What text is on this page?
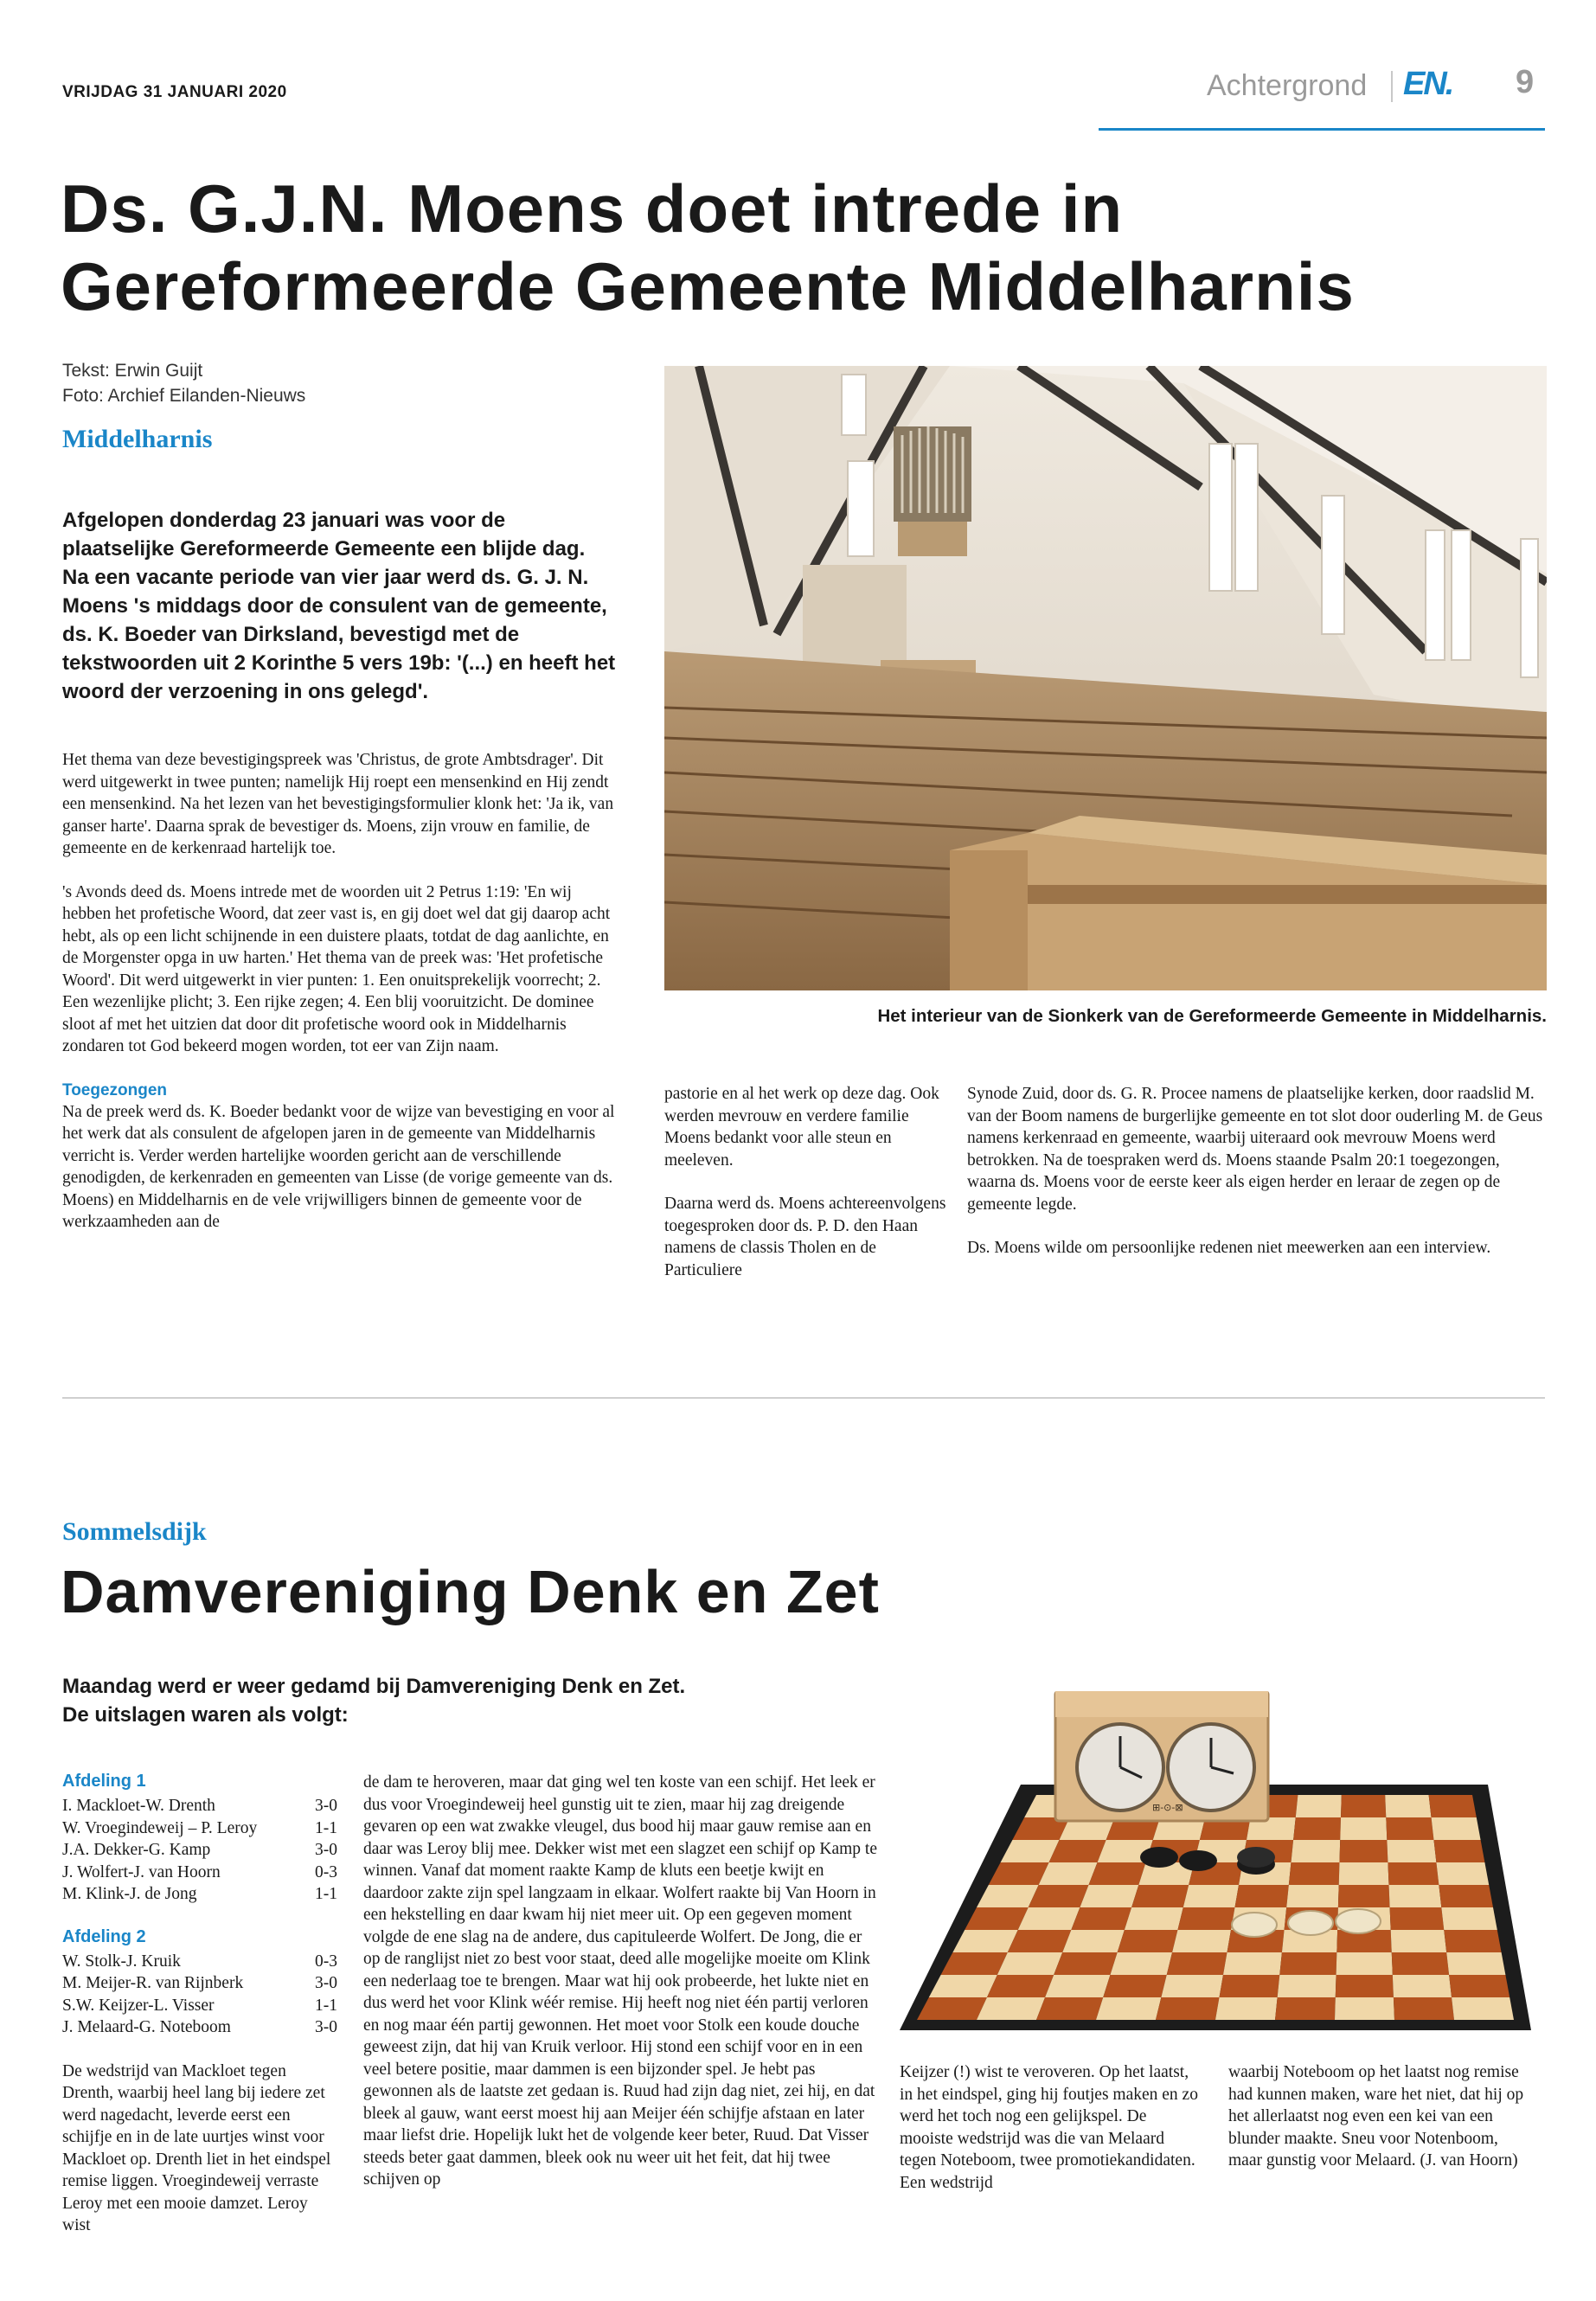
VRIJDAG 31 JANUARI 2020	Achtergrond EN. 9
Ds. G.J.N. Moens doet intrede in
Gereformeerde Gemeente Middelharnis
Tekst: Erwin Guijt
Foto: Archief Eilanden-Nieuws
Middelharnis
Afgelopen donderdag 23 januari was voor de plaatselijke Gereformeerde Gemeente een blijde dag. Na een vacante periode van vier jaar werd ds. G. J. N. Moens 's middags door de consulent van de gemeente, ds. K. Boeder van Dirksland, bevestigd met de tekstwoorden uit 2 Korinthe 5 vers 19b: '(...) en heeft het woord der verzoening in ons gelegd'.

Het thema van deze bevestigingspreek was 'Christus, de grote Ambtsdrager'. Dit werd uitgewerkt in twee punten; namelijk Hij roept een mensenkind en Hij zendt een mensenkind. Na het lezen van het bevestigingsformulier klonk het: 'Ja ik, van ganser harte'. Daarna sprak de bevestiger ds. Moens, zijn vrouw en familie, de gemeente en de kerkenraad hartelijk toe.

's Avonds deed ds. Moens intrede met de woorden uit 2 Petrus 1:19: 'En wij hebben het profetische Woord, dat zeer vast is, en gij doet wel dat gij daarop acht hebt, als op een licht schijnende in een duistere plaats, totdat de dag aanlichte, en de Morgenster opga in uw harten.' Het thema van de preek was: 'Het profetische Woord'. Dit werd uitgewerkt in vier punten: 1. Een onuitsprekelijk voorrecht; 2. Een wezenlijke plicht; 3. Een rijke zegen; 4. Een blij vooruitzicht. De dominee sloot af met het uitzien dat door dit profetische woord ook in Middelharnis zondaren tot God bekeerd mogen worden, tot eer van Zijn naam.

Toegezongen

Na de preek werd ds. K. Boeder bedankt voor de wijze van bevestiging en voor al het werk dat als consulent de afgelopen jaren in de gemeente van Middelharnis verricht is. Verder werden hartelijke woorden gericht aan de verschillende genodigden, de kerkenraden en gemeenten van Lisse (de vorige gemeente van ds. Moens) en Middelharnis en de vele vrijwilligers binnen de gemeente voor de werkzaamheden aan de

Het interieur van de Sionkerk van de Gereformeerde Gemeente in Middelharnis.

pastorie en al het werk op deze dag. Ook werden mevrouw en verdere familie Moens bedankt voor alle steun en meeleven.

Daarna werd ds. Moens achtereenvolgens toegesproken door ds. P. D. den Haan namens de classis Tholen en de Particuliere

Synode Zuid, door ds. G. R. Procee namens de plaatselijke kerken, door raadslid M. van der Boom namens de burgerlijke gemeente en tot slot door ouderling M. de Geus namens kerkenraad en gemeente, waarbij uiteraard ook mevrouw Moens werd betrokken. Na de toespraken werd ds. Moens staande Psalm 20:1 toegezongen, waarna ds. Moens voor de eerste keer als eigen herder en leraar de zegen op de gemeente legde.

Ds. Moens wilde om persoonlijke redenen niet meewerken aan een interview.

Sommelsdijk
Damvereniging Denk en Zet
Maandag werd er weer gedamd bij Damvereniging Denk en Zet.
De uitslagen waren als volgt:
Afdeling 1
I. Mackloet-W. Drenth	3-0
W. Vroegindeweij – P. Leroy	1-1
J.A. Dekker-G. Kamp	3-0
J. Wolfert-J. van Hoorn	0-3
M. Klink-J. de Jong	1-1
Afdeling 2
W. Stolk-J. Kruik	0-3
M. Meijer-R. van Rijnberk	3-0
S.W. Keijzer-L. Visser	1-1
J. Melaard-G. Noteboom	3-0
De wedstrijd van Mackloet tegen Drenth, waarbij heel lang bij iedere zet werd nagedacht, leverde eerst een schijfje en in de late uurtjes winst voor Mackloet op. Drenth liet in het eindspel remise liggen. Vroegindeweij verraste Leroy met een mooie damzet. Leroy wist
de dam te heroveren, maar dat ging wel ten koste van een schijf. Het leek er dus voor Vroegindeweij heel gunstig uit te zien, maar hij zag dreigende gevaren op een wat zwakke vleugel, dus bood hij maar gauw remise aan en daar was Leroy blij mee. Dekker wist met een slagzet een schijf op Kamp te winnen. Vanaf dat moment raakte Kamp de kluts een beetje kwijt en daardoor zakte zijn spel langzaam in elkaar. Wolfert raakte bij Van Hoorn in een hekstelling en daar kwam hij niet meer uit. Op een gegeven moment volgde de ene slag na de andere, dus capituleerde Wolfert. De Jong, die er op de ranglijst niet zo best voor staat, deed alle mogelijke moeite om Klink een nederlaag toe te brengen. Maar wat hij ook probeerde, het lukte niet en dus werd het voor Klink wéér remise. Hij heeft nog niet één partij verloren en nog maar één partij gewonnen. Het moet voor Stolk een koude douche geweest zijn, dat hij van Kruik verloor. Hij stond een schijf voor en in een veel betere positie, maar dammen is een bijzonder spel. Je hebt pas gewonnen als de laatste zet gedaan is. Ruud had zijn dag niet, zei hij, en dat bleek al gauw, want eerst moest hij aan Meijer één schijfje afstaan en later maar liefst drie. Hopelijk lukt het de volgende keer beter, Ruud. Dat Visser steeds beter gaat dammen, bleek ook nu weer uit het feit, dat hij twee schijven op
⊞-⊙-⊠
Keijzer (!) wist te veroveren. Op het laatst, in het eindspel, ging hij foutjes maken en zo werd het toch nog een gelijkspel. De mooiste wedstrijd was die van Melaard tegen Noteboom, twee promotiekandidaten. Een wedstrijd
waarbij Noteboom op het laatst nog remise had kunnen maken, ware het niet, dat hij op het allerlaatst nog even een kei van een blunder maakte. Sneu voor Notenboom, maar gunstig voor Melaard. (J. van Hoorn)
